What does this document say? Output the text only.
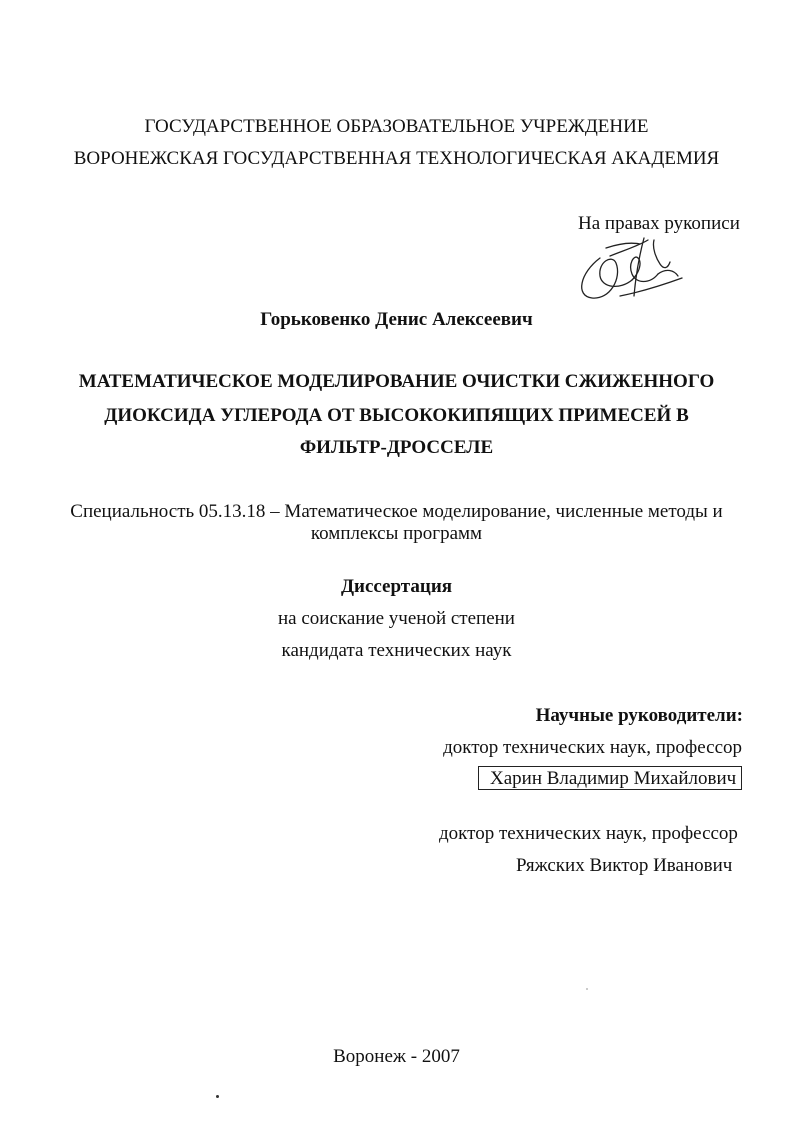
ГОСУДАРСТВЕННОЕ ОБРАЗОВАТЕЛЬНОЕ УЧРЕЖДЕНИЕ
ВОРОНЕЖСКАЯ ГОСУДАРСТВЕННАЯ ТЕХНОЛОГИЧЕСКАЯ АКАДЕМИЯ
На правах рукописи
Горьковенко Денис Алексеевич
МАТЕМАТИЧЕСКОЕ МОДЕЛИРОВАНИЕ ОЧИСТКИ СЖИЖЕННОГО
ДИОКСИДА УГЛЕРОДА ОТ ВЫСОКОКИПЯЩИХ ПРИМЕСЕЙ В
ФИЛЬТР-ДРОССЕЛЕ
Специальность 05.13.18 – Математическое моделирование, численные методы и
комплексы программ
Диссертация
на соискание ученой степени
кандидата технических наук
Научные руководители:
доктор технических наук, профессор
Харин Владимир Михайлович
доктор технических наук, профессор
Ряжских Виктор Иванович
Воронеж - 2007
